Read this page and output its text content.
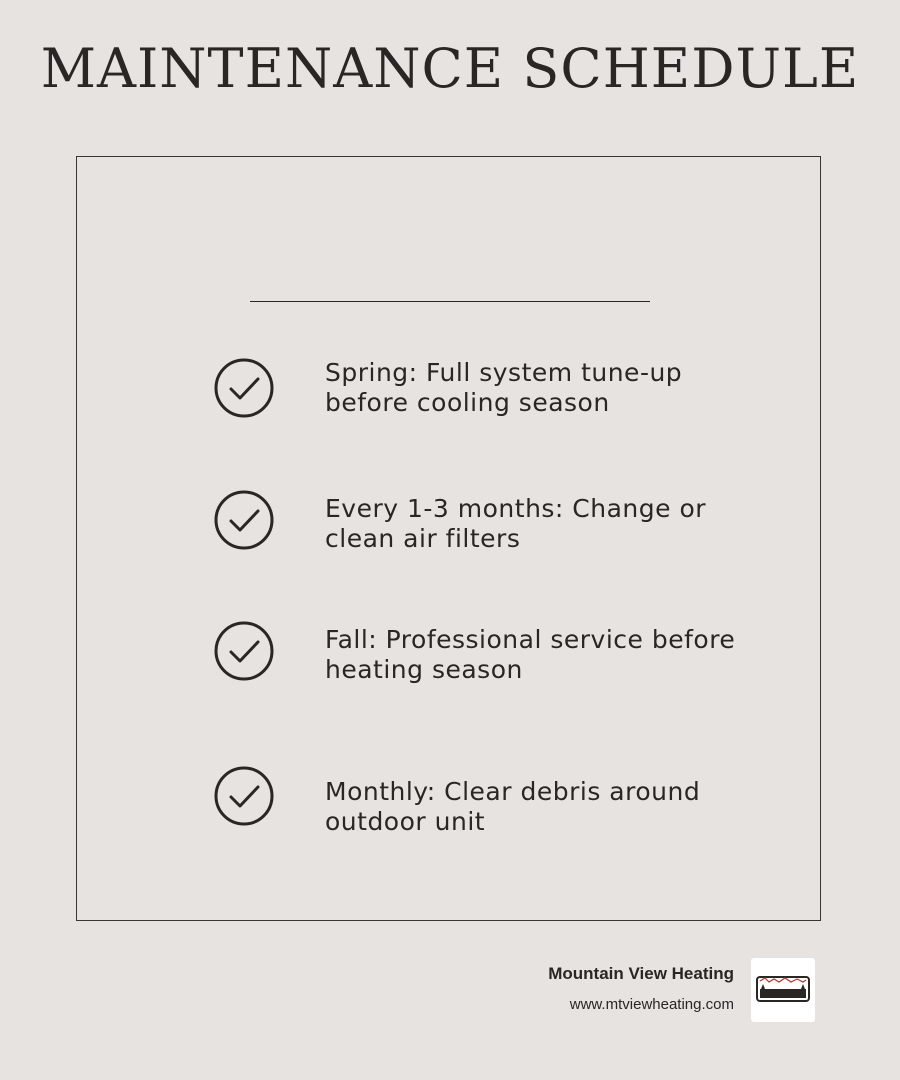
MAINTENANCE SCHEDULE
Spring: Full system tune-up before cooling season
Every 1-3 months: Change or clean air filters
Fall: Professional service before heating season
Monthly: Clear debris around outdoor unit
Mountain View Heating
www.mtviewheating.com
